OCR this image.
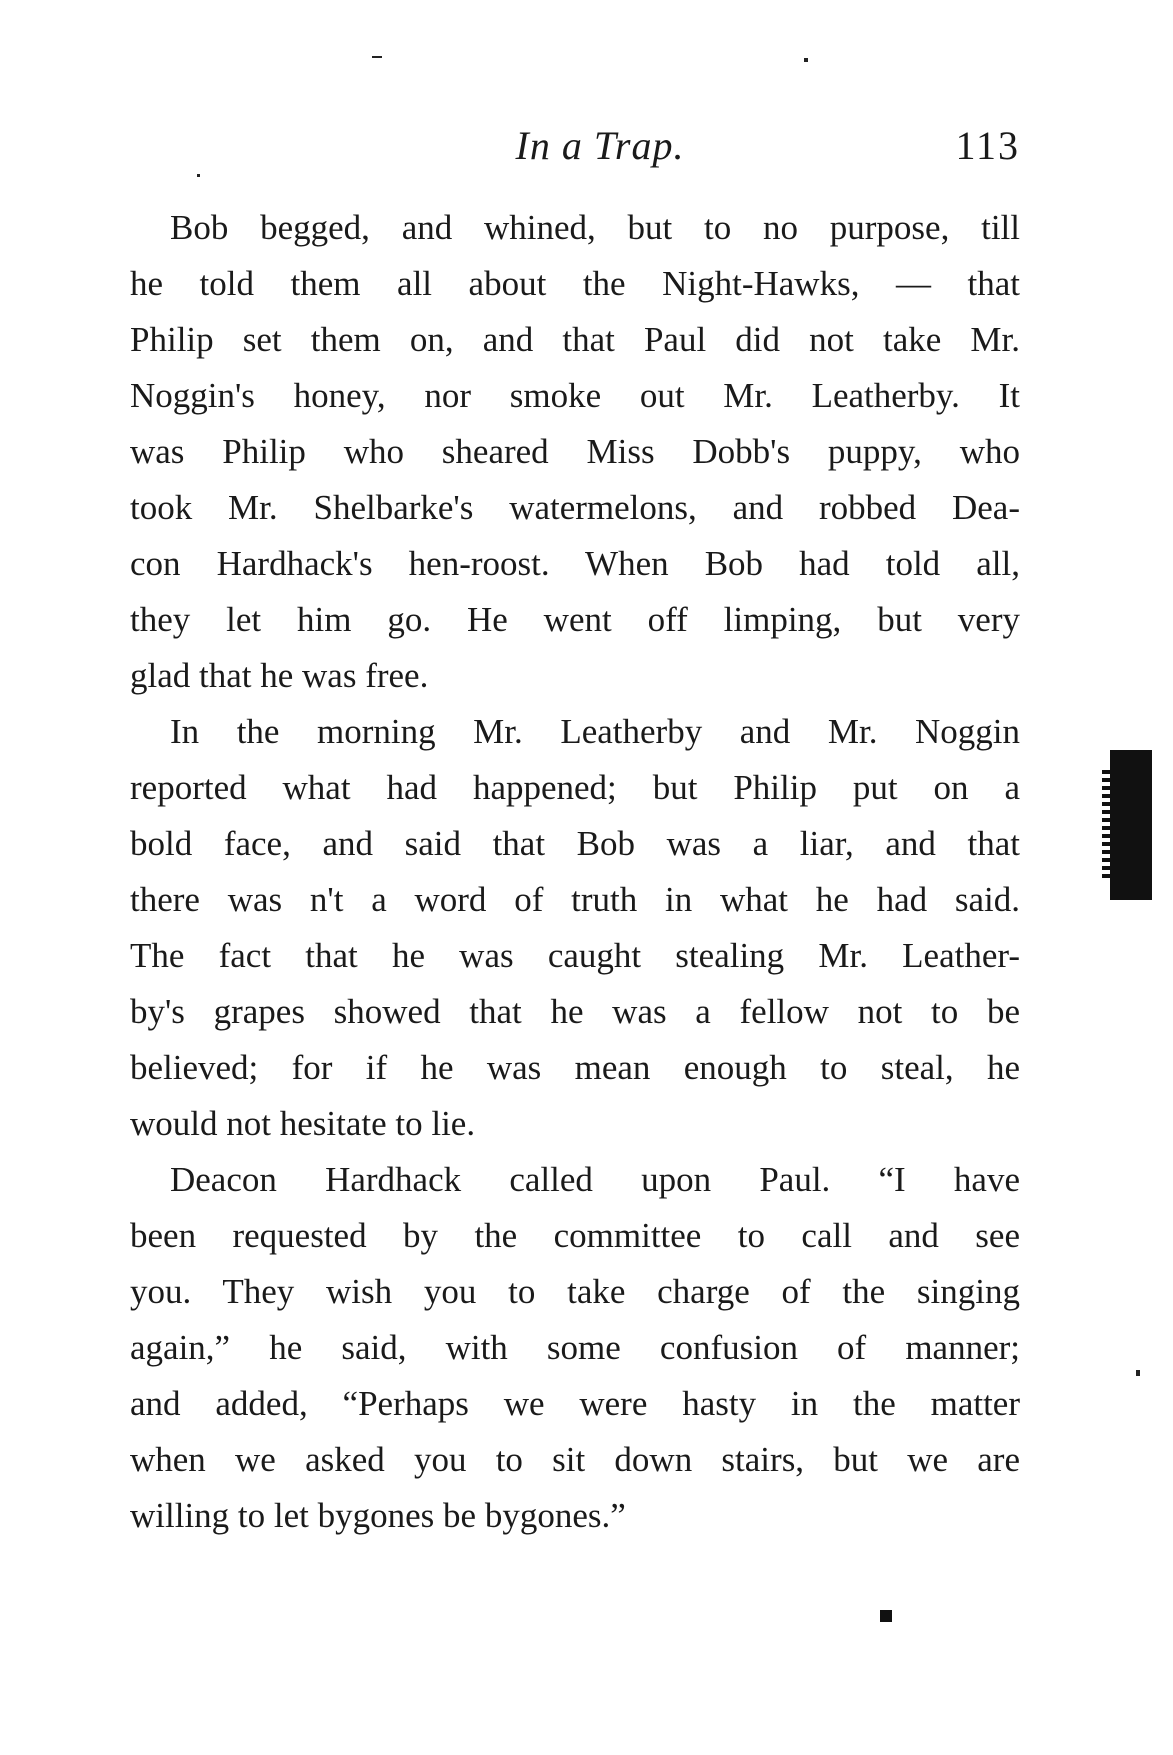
In a Trap.	113
Bob begged, and whined, but to no purpose, till
he told them all about the Night-Hawks, — that
Philip set them on, and that Paul did not take Mr.
Noggin's honey, nor smoke out Mr. Leatherby. It
was Philip who sheared Miss Dobb's puppy, who
took Mr. Shelbarke's watermelons, and robbed Dea-
con Hardhack's hen-roost. When Bob had told all,
they let him go. He went off limping, but very
glad that he was free.
In the morning Mr. Leatherby and Mr. Noggin
reported what had happened; but Philip put on a
bold face, and said that Bob was a liar, and that
there was n't a word of truth in what he had said.
The fact that he was caught stealing Mr. Leather-
by's grapes showed that he was a fellow not to be
believed; for if he was mean enough to steal, he
would not hesitate to lie.
Deacon Hardhack called upon Paul. “I have
been requested by the committee to call and see
you. They wish you to take charge of the singing
again,” he said, with some confusion of manner;
and added, “Perhaps we were hasty in the matter
when we asked you to sit down stairs, but we are
willing to let bygones be bygones.”
